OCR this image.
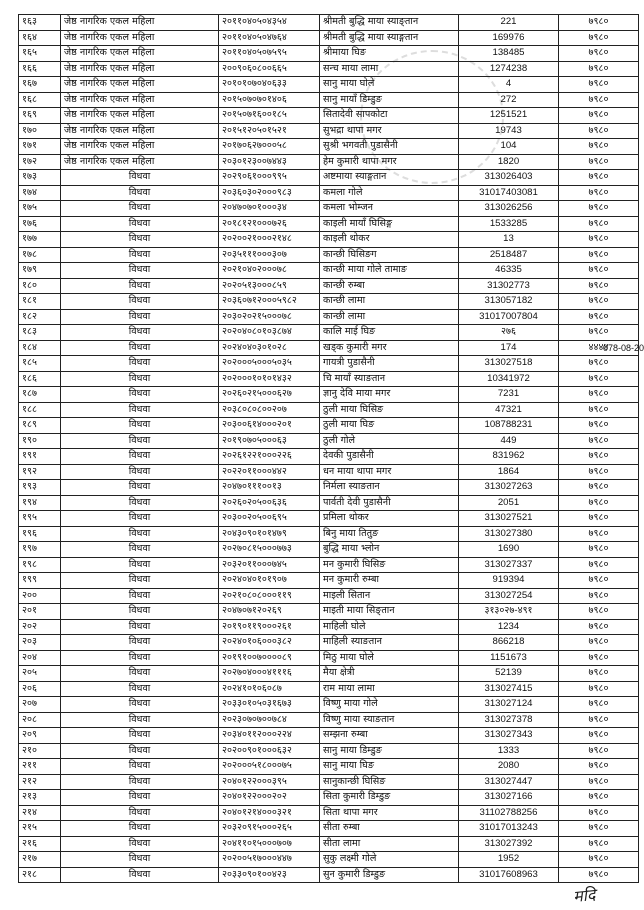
१६३	जेष्ठ नागरिक एकल महिला	२०११०४०५०४३५४	श्रीमती बुद्धि माया स्याङ्तान	221	७९८०
१६४	जेष्ठ नागरिक एकल महिला	२०११०४०५०४७६४	श्रीमती बुद्धि माया स्याङ्गतान	169976	७९८०
१६५	जेष्ठ नागरिक एकल महिला	२०११०४०५०७५९५	श्रीमाया घिङ	138485	७९८०
१६६	जेष्ठ नागरिक एकल महिला	२००९०६०८००६६५	सन्च माया लामा	1274238	७९८०
१६७	जेष्ठ नागरिक एकल महिला	२०१०१०७०४०६३३	सानु माया घोले	4	७९८०
१६८	जेष्ठ नागरिक एकल महिला	२०१५०७०७०१४०६	सानु मायाँ डिम्डुङ	272	७९८०
१६९	जेष्ठ नागरिक एकल महिला	२०१५०७१६००१८५	सितादेवी सापकोटा	1251521	७९८०
१७०	जेष्ठ नागरिक एकल महिला	२०१५१२०५०१५२१	सुभद्रा थापा मगर	19743	७९८०
१७१	जेष्ठ नागरिक एकल महिला	२०१७०६२७०००५८	सुश्री भगवती पुडासैनी	104	७९८०
१७२	जेष्ठ नागरिक एकल महिला	२०३०१२३००७४४३	हेम कुमारी थापा मगर	1820	७९८०
१७३	विधवा	२०२९०६१०००९९५	अष्टमाया स्याङ्गतान	313026403	७९८०
१७४	विधवा	२०३६०३०२०००९८३	कमला गोले	31017403081	७९८०
१७५	विधवा	२०४७०७०१०००३४	कमला भोम्जन	313026256	७९८०
१७६	विधवा	२०१८१२१०००७२६	काइली मायाँ घिसिङ्ग	1533285	७९८०
१७७	विधवा	२०२००२१०००२१४८	काइली थोकर	13	७९८०
१७८	विधवा	२०३५१११०००३०७	कान्छी घिसिङग	2518487	७९८०
१७९	विधवा	२०२१०४०२०००७८	कान्छी माया गोले तामाङ	46335	७९८०
१८०	विधवा	२०२०५१३०००८५९	कान्छी रुम्बा	31302773	७९८०
१८१	विधवा	२०३६०७१२०००५९८२	कान्छी लामा	313057182	७९८०
१८२	विधवा	२०३०२०२१५०००७८	कान्छी लामा	31017007804	७९८०
१८३	विधवा	२०२०४०८०१०३८७४	कालि माई घिङ	२७६	७९८०
१८४	विधवा	२०२४०४०३०१०२८	खड्क कुमारी मगर	174	४४४४
078-08-20

१८५	विधवा	२०२०००५०००५०३५	गायत्री पुडासैनी	313027518	७९८०
१८६	विधवा	२०२०००१०१०१४३२	चि मायाँ स्याङतान	10341972	७९८०
१८७	विधवा	२०२६०२१५०००६२७	ज्ञानु देवि माया मगर	7231	७९८०
१८८	विधवा	२०३८०८०८००२०७	ठुली माया घिसिङ	47321	७९८०
१८९	विधवा	२०३००६१४०००२०१	ठुली माया घिङ	108788231	७९८०
१९०	विधवा	२०१९०७०५०००६३	ठुली गोले	449	७९८०
१९१	विधवा	२०२६१२२१०००२२६	देवकी पुडासैनी	831962	७९८०
१९२	विधवा	२०२२०११०००४४२	धन माया थापा मगर	1864	७९८०
१९३	विधवा	२०४७०१११००१३	निर्मला स्याङतान	313027263	७९८०
१९४	विधवा	२०२६०२०५००६३६	पार्वती देवी पुडासैनी	2051	७९८०
१९५	विधवा	२०३००२०५००६९५	प्रमिला थोकर	313027521	७९८०
१९६	विधवा	२०४३०९०१०१४७९	बिनु माया तितुङ	313027380	७९८०
१९७	विधवा	२०२७०८१५०००७७३	बुद्धि माया भ्लोन	1690	७९८०
१९८	विधवा	२०३२०११०००७४५	मन कुमारी घिसिङ	313027337	७९८०
१९९	विधवा	२०२४०४०१०१९०७	मन कुमारी रुम्बा	919394	७९८०
२००	विधवा	२०२१०८०८०००११९	माइली सितान	313027254	७९८०
२०१	विधवा	२०४७०७१२०२६९	माइती माया सिङ्तान	३१३०२७-४९१	७९८०
२०२	विधवा	२०१९०११९०००२६१	माहिली घोले	1234	७९८०
२०३	विधवा	२०२४०१०६०००३८२	माहिली स्याङतान	866218	७९८०
२०४	विधवा	२०१९१००७००००८९	मिठु माया घोले	1151673	७९८०
२०५	विधवा	२०२७०४०००४१११६	मैया क्षेत्री	52139	७९८०
२०६	विधवा	२०२४१०१०६०८७	राम माया लामा	313027415	७९८०
२०७	विधवा	२०३३०१०५०३१६७३	विष्णु माया गोले	313027124	७९८०
२०८	विधवा	२०२३०७०७००७८४	विष्णु माया स्याङतान	313027378	७९८०
२०९	विधवा	२०३४०११२०००२२४	सम्झना रुम्बा	313027343	७९८०
२१०	विधवा	२०२००९०१०००६३२	सानु माया डिम्डुङ	1333	७९८०
२११	विधवा	२०२०००५१८०००७५	सानु माया घिङ	2080	७९८०
२१२	विधवा	२०४०१२२०००३९५	सानुकान्छी घिसिङ	313027447	७९८०
२१३	विधवा	२०४०१२२०००२०२	सिता कुमारी डिम्डुङ	313027166	७९८०
२१४	विधवा	२०४०१२१४०००३२१	सिता थापा मगर	31102788256	७९८०
२१५	विधवा	२०३२०९१५०००२६५	सीता रुम्बा	31017013243	७९८०
२१६	विधवा	२०४११०१५०००७०७	सीता लामा	313027392	७९८०
२१७	विधवा	२०२००५१७०००४४७	सुकु लक्ष्मी गोले	1952	७९८०
२१८	विधवा	२०३३०९०१००४२३	सुन कुमारी डिम्डुङ	31017608963	७९८०
मदि
